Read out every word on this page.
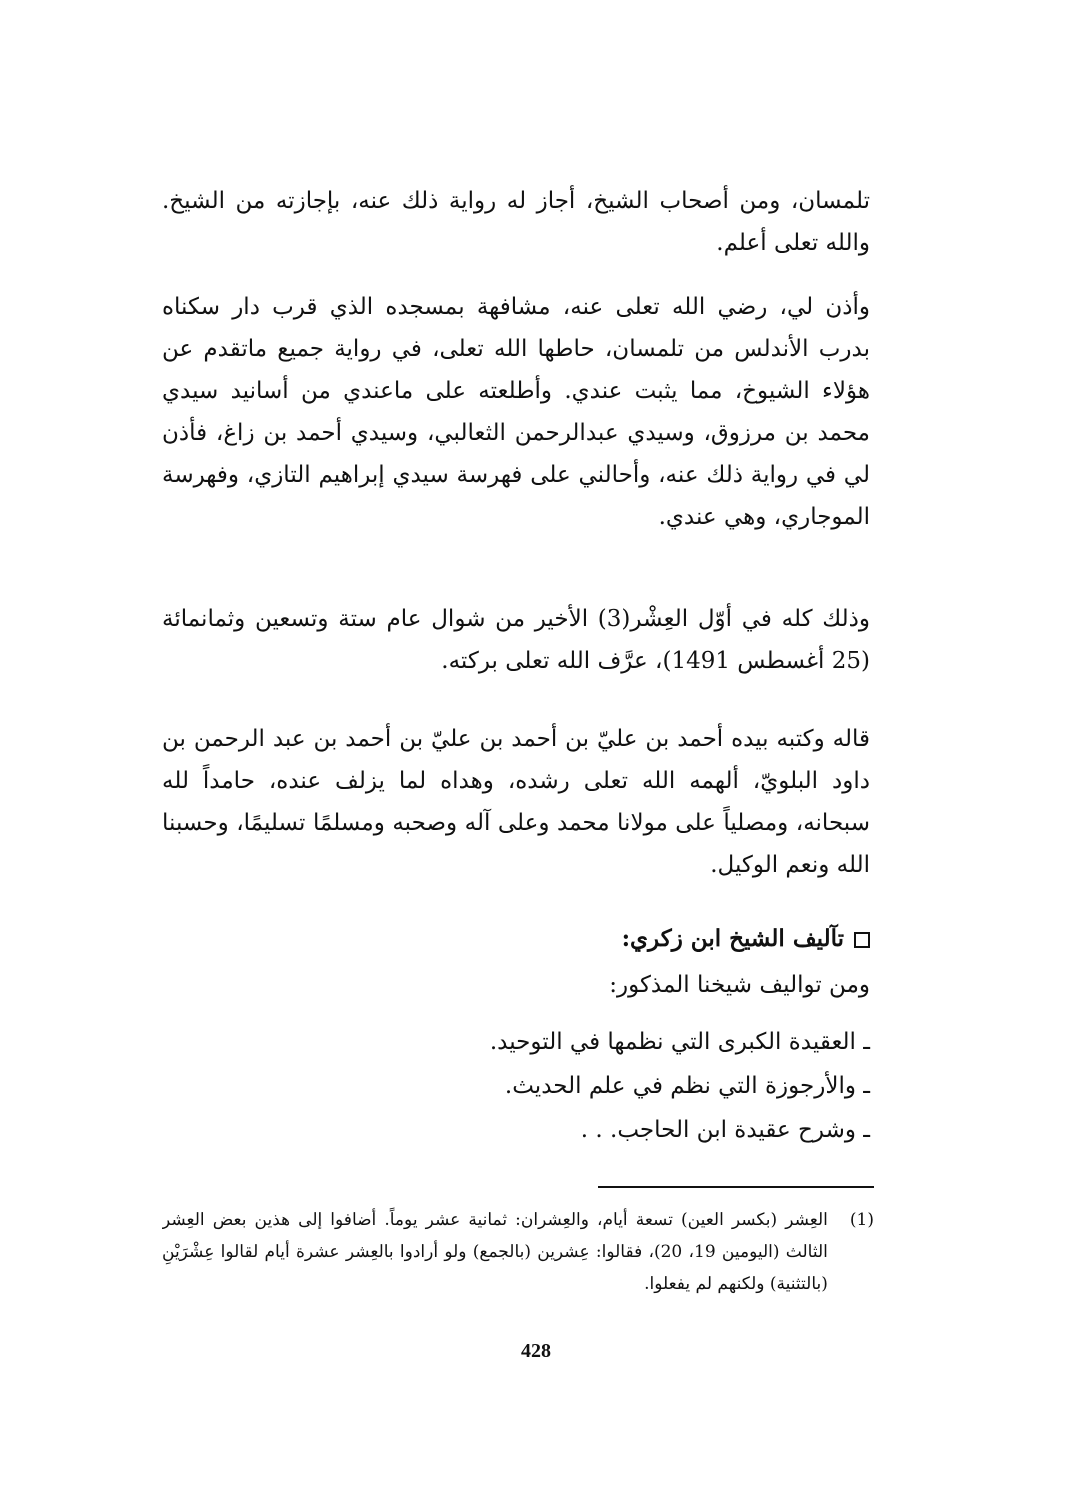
تلمسان، ومن أصحاب الشيخ، أجاز له رواية ذلك عنه، بإجازته من الشيخ. والله تعلى أعلم.

وأذن لي، رضي الله تعلى عنه، مشافهة بمسجده الذي قرب دار سكناه بدرب الأندلس من تلمسان، حاطها الله تعلى، في رواية جميع ماتقدم عن هؤلاء الشيوخ، مما يثبت عندي. وأطلعته على ماعندي من أسانيد سيدي محمد بن مرزوق، وسيدي عبدالرحمن الثعالبي، وسيدي أحمد بن زاغ، فأذن لي في رواية ذلك عنه، وأحالني على فهرسة سيدي إبراهيم التازي، وفهرسة الموجاري، وهي عندي.

وذلك كله في أوّل العِشْر(3) الأخير من شوال عام ستة وتسعين وثمانمائة (25 أغسطس 1491)، عرَّف الله تعلى بركته.

قاله وكتبه بيده أحمد بن عليّ بن أحمد بن عليّ بن أحمد بن عبد الرحمن بن داود البلويّ، ألهمه الله تعلى رشده، وهداه لما يزلف عنده، حامداً لله سبحانه، ومصلياً على مولانا محمد وعلى آله وصحبه ومسلمًا تسليمًا، وحسبنا الله ونعم الوكيل.

تآليف الشيخ ابن زكري:
ومن تواليف شيخنا المذكور:
ـ العقيدة الكبرى التي نظمها في التوحيد.
ـ والأرجوزة التي نظم في علم الحديث.
ـ وشرح عقيدة ابن الحاجب. . .
(1)
العِشر (بكسر العين) تسعة أيام، والعِشران: ثمانية عشر يوماً. أضافوا إلى هذين بعض العِشر الثالث (اليومين 19، 20)، فقالوا: عِشرين (بالجمع) ولو أرادوا بالعِشر عشرة أيام لقالوا عِشْرَيْنِ (بالتثنية) ولكنهم لم يفعلوا.
428
